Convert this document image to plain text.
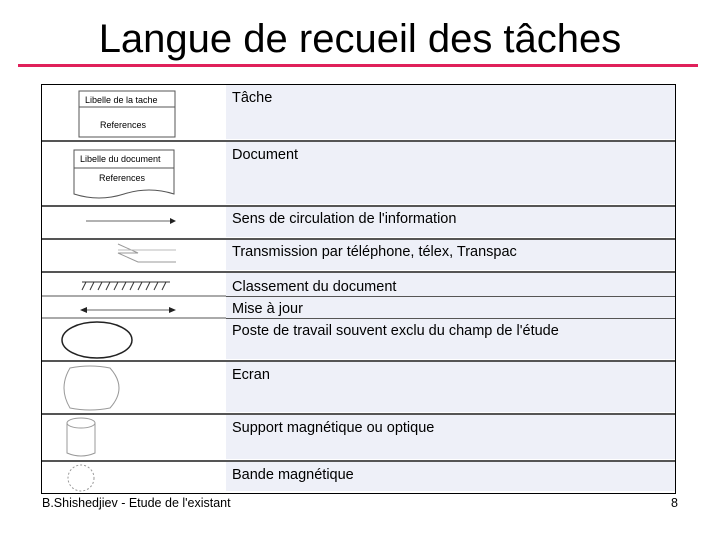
Langue de recueil des tâches
Libelle de la tache
References
Tâche
Libelle du document
References
Document
Sens de circulation de l'information
Transmission par téléphone, télex, Transpac
Classement du document
Mise à jour
Poste de travail souvent exclu du champ de l'étude
Ecran
Support magnétique ou optique
Bande magnétique
B.Shishedjiev - Etude de l'existant	8
